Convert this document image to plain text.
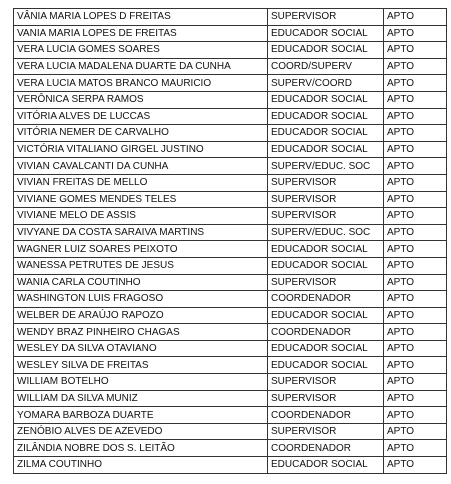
VÂNIA MARIA LOPES D FREITAS	SUPERVISOR	APTO
VANIA MARIA LOPES DE FREITAS	EDUCADOR SOCIAL	APTO
VERA LUCIA GOMES SOARES	EDUCADOR SOCIAL	APTO
VERA LUCIA MADALENA DUARTE DA CUNHA	COORD/SUPERV	APTO
VERA LUCIA MATOS BRANCO MAURICIO	SUPERV/COORD	APTO
VERÔNICA SERPA RAMOS	EDUCADOR SOCIAL	APTO
VITÓRIA ALVES DE LUCCAS	EDUCADOR SOCIAL	APTO
VITÓRIA NEMER DE CARVALHO	EDUCADOR SOCIAL	APTO
VICTÓRIA VITALIANO GIRGEL JUSTINO	EDUCADOR SOCIAL	APTO
VIVIAN CAVALCANTI DA CUNHA	SUPERV/EDUC. SOC	APTO
VIVIAN FREITAS DE MELLO	SUPERVISOR	APTO
VIVIANE GOMES MENDES TELES	SUPERVISOR	APTO
VIVIANE MELO DE ASSIS	SUPERVISOR	APTO
VIVYANE DA COSTA SARAIVA MARTINS	SUPERV/EDUC. SOC	APTO
WAGNER LUIZ SOARES PEIXOTO	EDUCADOR SOCIAL	APTO
WANESSA PETRUTES DE JESUS	EDUCADOR SOCIAL	APTO
WANIA CARLA COUTINHO	SUPERVISOR	APTO
WASHINGTON LUIS FRAGOSO	COORDENADOR	APTO
WELBER DE ARAÚJO RAPOZO	EDUCADOR SOCIAL	APTO
WENDY BRAZ PINHEIRO CHAGAS	COORDENADOR	APTO
WESLEY DA SILVA OTAVIANO	EDUCADOR SOCIAL	APTO
WESLEY SILVA DE FREITAS	EDUCADOR SOCIAL	APTO
WILLIAM BOTELHO	SUPERVISOR	APTO
WILLIAM DA SILVA MUNIZ	SUPERVISOR	APTO
YOMARA BARBOZA DUARTE	COORDENADOR	APTO
ZENÓBIO ALVES DE AZEVEDO	SUPERVISOR	APTO
ZILÂNDIA NOBRE DOS S. LEITÃO	COORDENADOR	APTO
ZILMA COUTINHO	EDUCADOR SOCIAL	APTO
